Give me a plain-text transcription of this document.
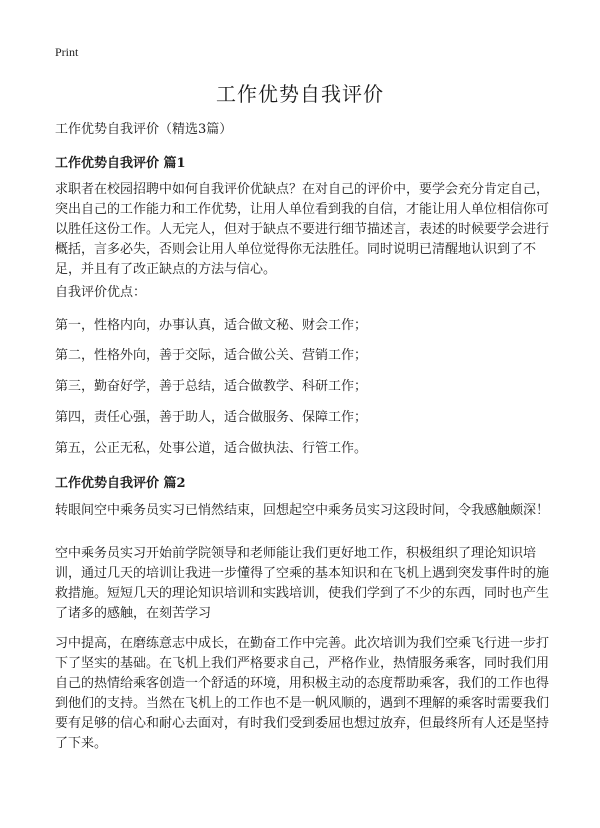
Print
工作优势自我评价

工作优势自我评价（精选3篇）

工作优势自我评价 篇1

求职者在校园招聘中如何自我评价优缺点？在对自己的评价中，要学会充分肯定自己，突出自己的工作能力和工作优势，让用人单位看到我的自信，才能让用人单位相信你可以胜任这份工作。人无完人，但对于缺点不要进行细节描述言，表述的时候要学会进行概括，言多必失，否则会让用人单位觉得你无法胜任。同时说明已清醒地认识到了不足，并且有了改正缺点的方法与信心。

自我评价优点：

第一，性格内向，办事认真，适合做文秘、财会工作；

第二，性格外向，善于交际，适合做公关、营销工作；

第三，勤奋好学，善于总结，适合做教学、科研工作；

第四，责任心强，善于助人，适合做服务、保障工作；

第五，公正无私，处事公道，适合做执法、行管工作。

工作优势自我评价 篇2

转眼间空中乘务员实习已悄然结束，回想起空中乘务员实习这段时间，令我感触颇深！

空中乘务员实习开始前学院领导和老师能让我们更好地工作，积极组织了理论知识培训，通过几天的培训让我进一步懂得了空乘的基本知识和在飞机上遇到突发事件时的施救措施。短短几天的理论知识培训和实践培训，使我们学到了不少的东西，同时也产生了诸多的感触，在刻苦学习

习中提高，在磨练意志中成长，在勤奋工作中完善。此次培训为我们空乘飞行进一步打下了坚实的基础。在飞机上我们严格要求自己，严格作业，热情服务乘客，同时我们用自己的热情给乘客创造一个舒适的环境，用积极主动的态度帮助乘客，我们的工作也得到他们的支持。当然在飞机上的工作也不是一帆风顺的，遇到不理解的乘客时需要我们要有足够的信心和耐心去面对，有时我们受到委屈也想过放弃，但最终所有人还是坚持了下来。
